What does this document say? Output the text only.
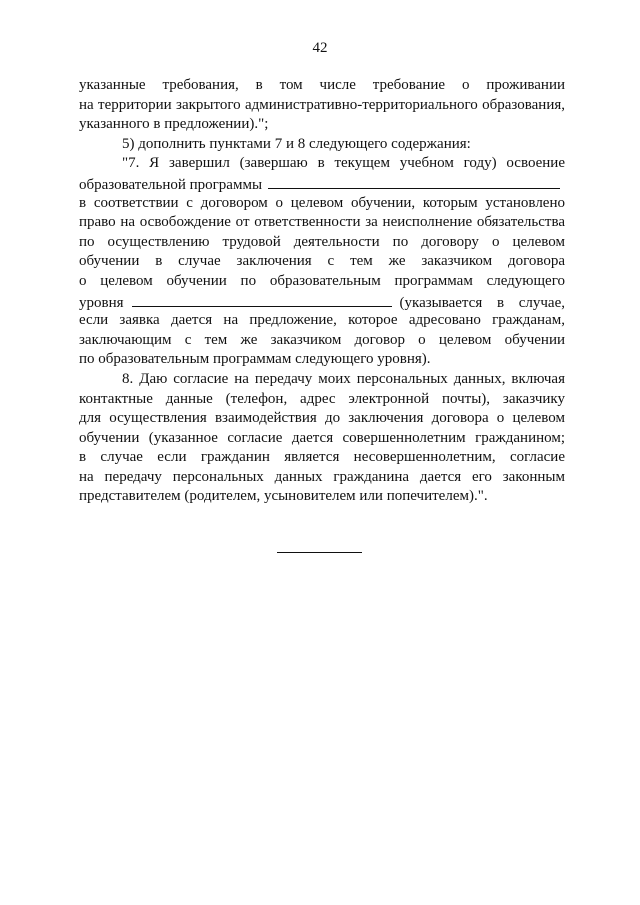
42
указанные требования, в том числе требование о проживании
на территории закрытого административно-территориального образования,
указанного в предложении).";
5) дополнить пунктами 7 и 8 следующего содержания:
"7. Я завершил (завершаю в текущем учебном году) освоение
образовательной программы
в соответствии с договором о целевом обучении, которым установлено
право на освобождение от ответственности за неисполнение обязательства
по осуществлению трудовой деятельности по договору о целевом
обучении в случае заключения с тем же заказчиком договора
о целевом обучении по образовательным программам следующего
уровня	(указывается в случае,
если заявка дается на предложение, которое адресовано гражданам,
заключающим с тем же заказчиком договор о целевом обучении
по образовательным программам следующего уровня).
8. Даю согласие на передачу моих персональных данных, включая
контактные данные (телефон, адрес электронной почты), заказчику
для осуществления взаимодействия до заключения договора о целевом
обучении (указанное согласие дается совершеннолетним гражданином;
в случае если гражданин является несовершеннолетним, согласие
на передачу персональных данных гражданина дается его законным
представителем (родителем, усыновителем или попечителем).".
